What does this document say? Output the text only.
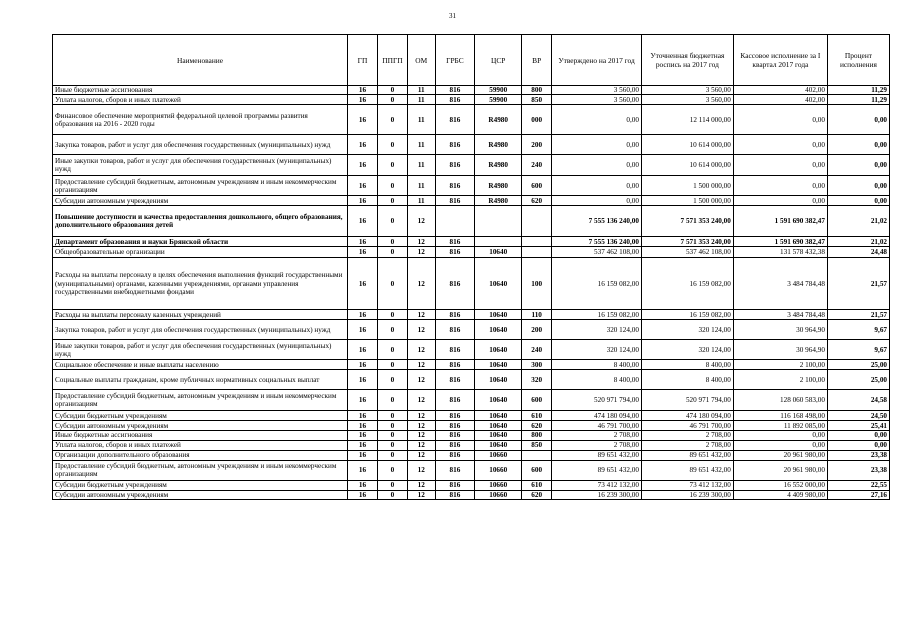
31
Наименование	ГП	ППГП	ОМ	ГРБС	ЦСР	ВР	Утверждено на 2017 год	Уточненная бюджетная роспись на 2017 год	Кассовое исполнение за I квартал 2017 года	Процент исполнения
Иные бюджетные ассигнования	16	0	11	816	59900	800	3 560,00	3 560,00	402,00	11,29
Уплата налогов, сборов и иных платежей	16	0	11	816	59900	850	3 560,00	3 560,00	402,00	11,29
Финансовое обеспечение мероприятий федеральной целевой программы развития образования на 2016 - 2020 годы	16	0	11	816	R4980	000	0,00	12 114 000,00	0,00	0,00
Закупка товаров, работ и услуг для обеспечения государственных (муниципальных) нужд	16	0	11	816	R4980	200	0,00	10 614 000,00	0,00	0,00
Иные закупки товаров, работ и услуг для обеспечения государственных (муниципальных) нужд	16	0	11	816	R4980	240	0,00	10 614 000,00	0,00	0,00
Предоставление субсидий бюджетным, автономным учреждениям и иным некоммерческим организациям	16	0	11	816	R4980	600	0,00	1 500 000,00	0,00	0,00
Субсидии автономным учреждениям	16	0	11	816	R4980	620	0,00	1 500 000,00	0,00	0,00
Повышение доступности и качества предоставления дошкольного, общего образования, дополнительного образования детей	16	0	12				7 555 136 240,00	7 571 353 240,00	1 591 690 382,47	21,02
Департамент образования и науки Брянской области	16	0	12	816			7 555 136 240,00	7 571 353 240,00	1 591 690 382,47	21,02
Общеобразовательные организации	16	0	12	816	10640		537 462 108,00	537 462 108,00	131 578 432,38	24,48
Расходы на выплаты персоналу в целях обеспечения выполнения функций государственными (муниципальными) органами, казенными учреждениями, органами управления государственными внебюджетными фондами	16	0	12	816	10640	100	16 159 082,00	16 159 082,00	3 484 784,48	21,57
Расходы на выплаты персоналу казенных учреждений	16	0	12	816	10640	110	16 159 082,00	16 159 082,00	3 484 784,48	21,57
Закупка товаров, работ и услуг для обеспечения государственных (муниципальных) нужд	16	0	12	816	10640	200	320 124,00	320 124,00	30 964,90	9,67
Иные закупки товаров, работ и услуг для обеспечения государственных (муниципальных) нужд	16	0	12	816	10640	240	320 124,00	320 124,00	30 964,90	9,67
Социальное обеспечение и иные выплаты населению	16	0	12	816	10640	300	8 400,00	8 400,00	2 100,00	25,00
Социальные выплаты гражданам, кроме публичных нормативных социальных выплат	16	0	12	816	10640	320	8 400,00	8 400,00	2 100,00	25,00
Предоставление субсидий бюджетным, автономным учреждениям и иным некоммерческим организациям	16	0	12	816	10640	600	520 971 794,00	520 971 794,00	128 060 583,00	24,58
Субсидии бюджетным учреждениям	16	0	12	816	10640	610	474 180 094,00	474 180 094,00	116 168 498,00	24,50
Субсидии автономным учреждениям	16	0	12	816	10640	620	46 791 700,00	46 791 700,00	11 892 085,00	25,41
Иные бюджетные ассигнования	16	0	12	816	10640	800	2 708,00	2 708,00	0,00	0,00
Уплата налогов, сборов и иных платежей	16	0	12	816	10640	850	2 708,00	2 708,00	0,00	0,00
Организации дополнительного образования	16	0	12	816	10660		89 651 432,00	89 651 432,00	20 961 980,00	23,38
Предоставление субсидий бюджетным, автономным учреждениям и иным некоммерческим организациям	16	0	12	816	10660	600	89 651 432,00	89 651 432,00	20 961 980,00	23,38
Субсидии бюджетным учреждениям	16	0	12	816	10660	610	73 412 132,00	73 412 132,00	16 552 000,00	22,55
Субсидии автономным учреждениям	16	0	12	816	10660	620	16 239 300,00	16 239 300,00	4 409 980,00	27,16
